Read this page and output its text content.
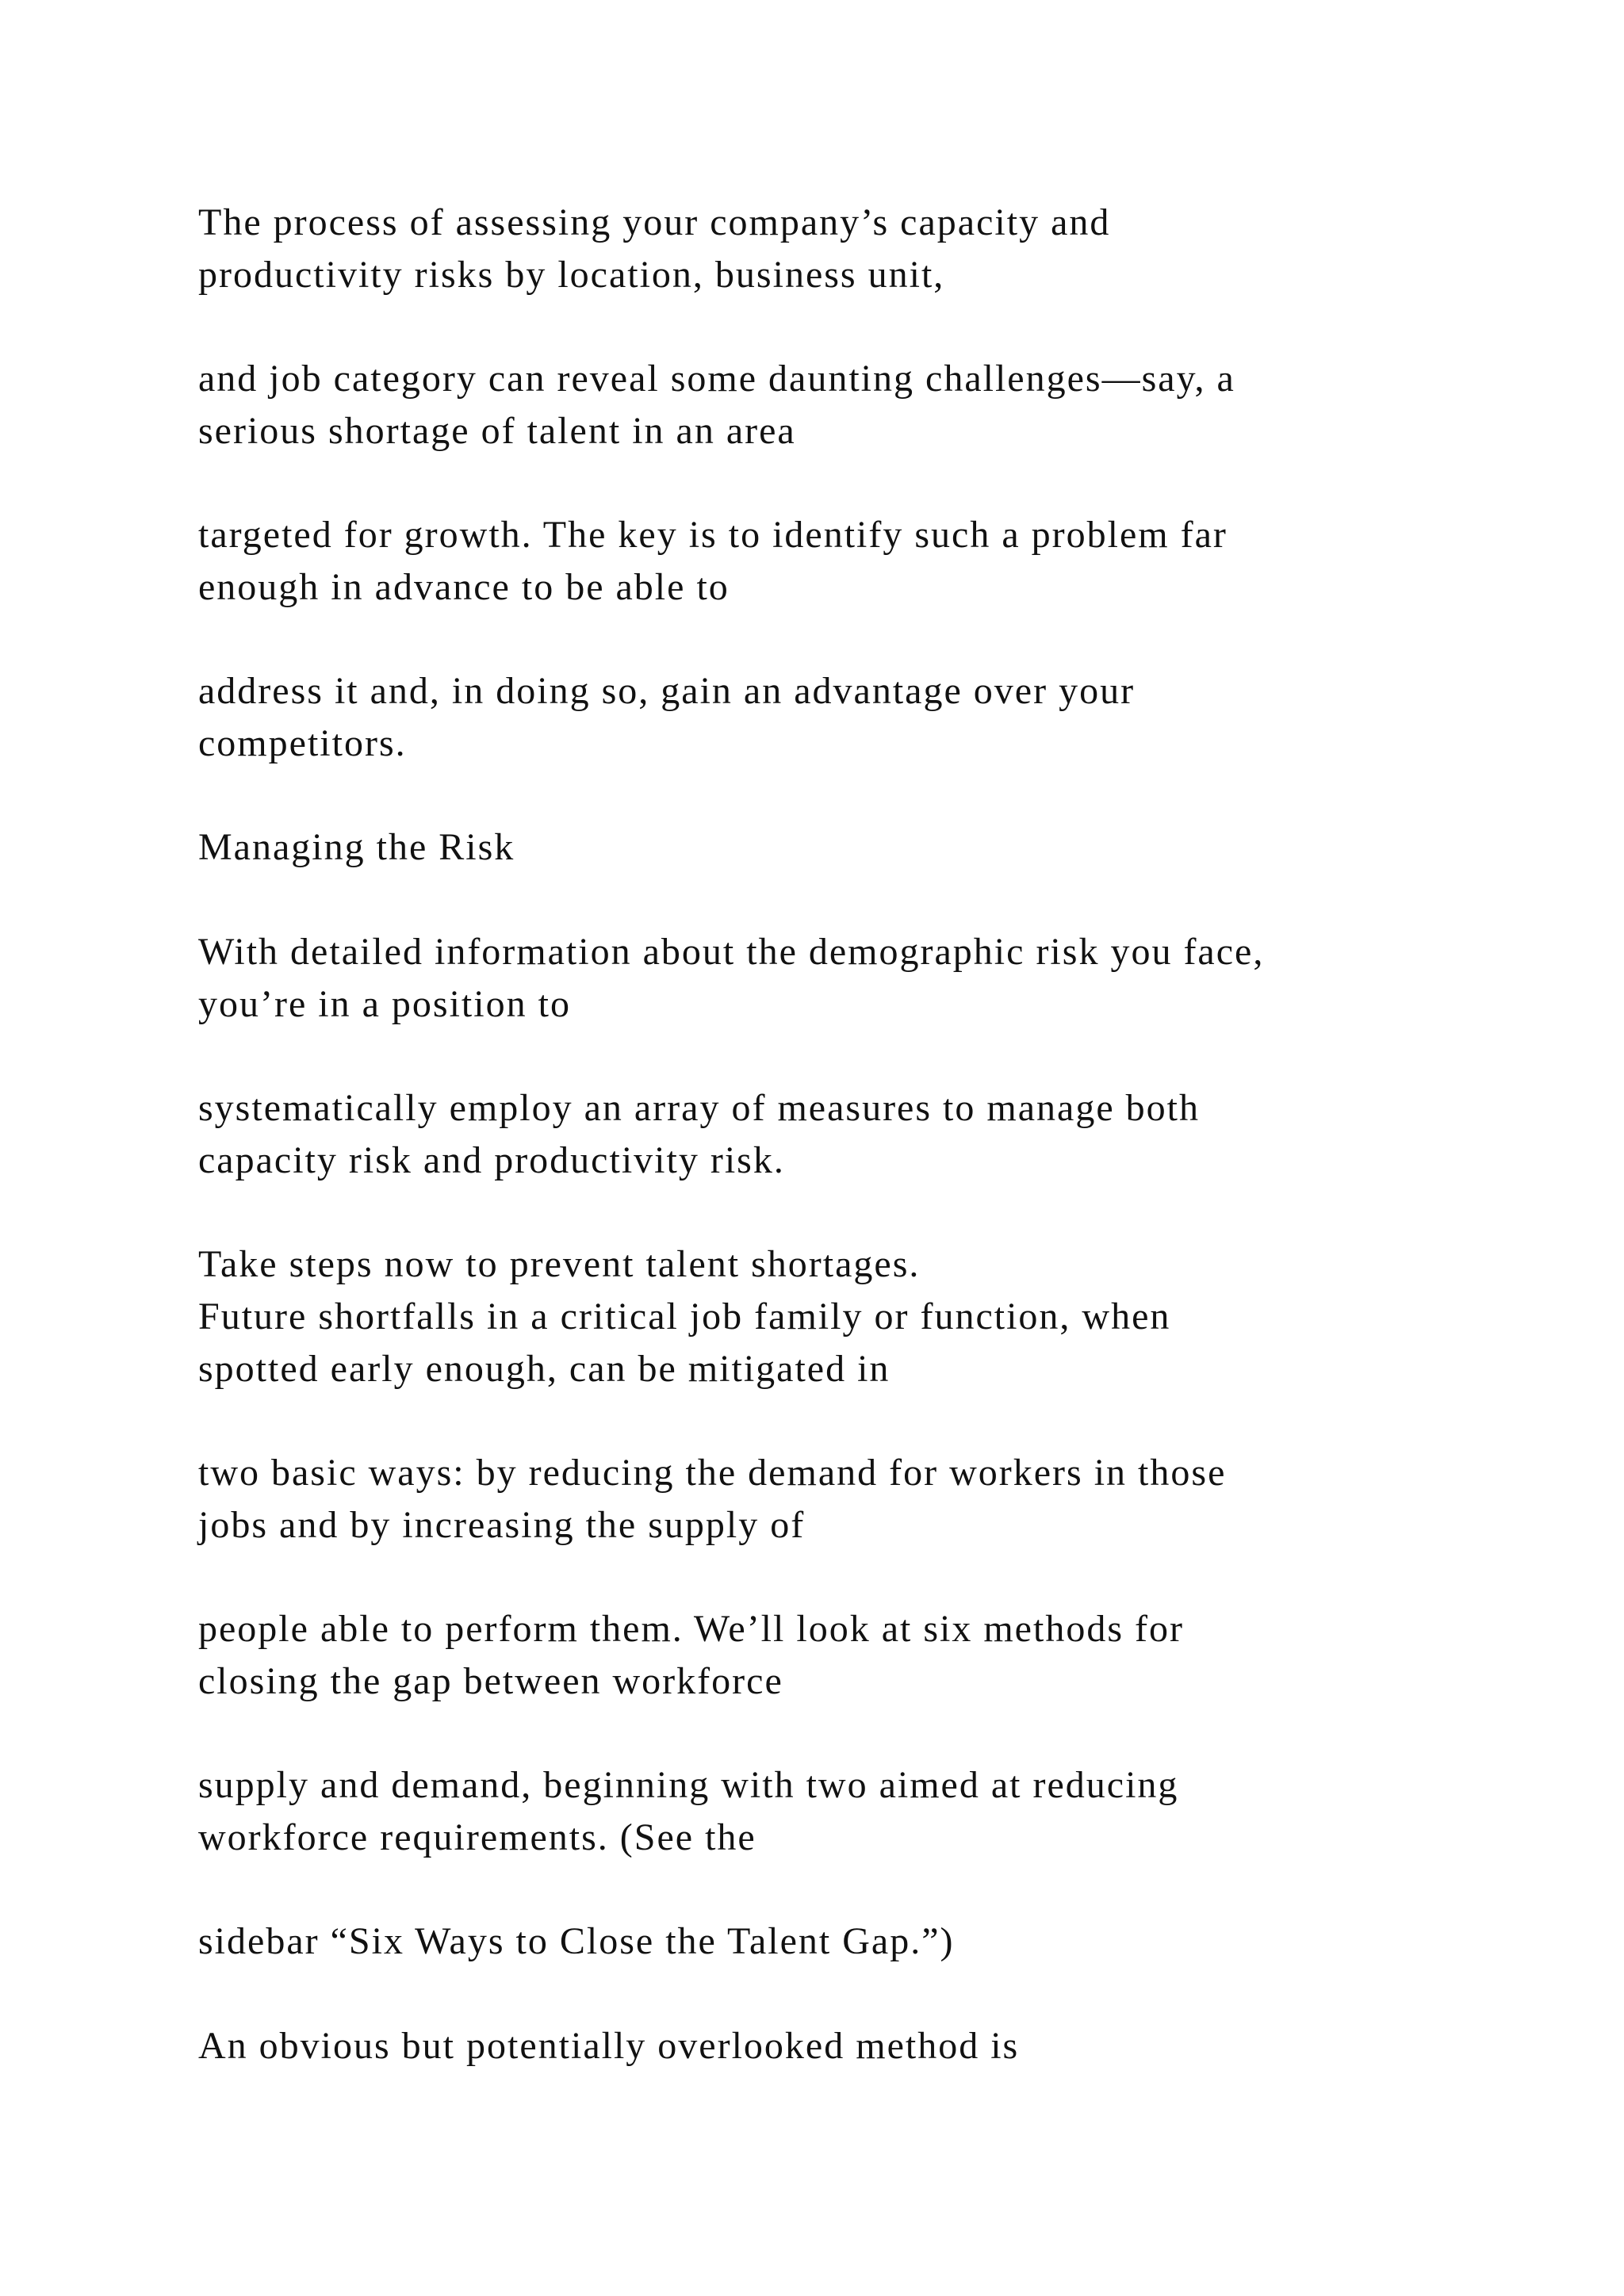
The process of assessing your company’s capacity and
productivity risks by location, business unit,
and job category can reveal some daunting challenges—say, a
serious shortage of talent in an area
targeted for growth. The key is to identify such a problem far
enough in advance to be able to
address it and, in doing so, gain an advantage over your
competitors.
Managing the Risk
With detailed information about the demographic risk you face,
you’re in a position to
systematically employ an array of measures to manage both
capacity risk and productivity risk.
Take steps now to prevent talent shortages.
Future shortfalls in a critical job family or function, when
spotted early enough, can be mitigated in
two basic ways: by reducing the demand for workers in those
jobs and by increasing the supply of
people able to perform them. We’ll look at six methods for
closing the gap between workforce
supply and demand, beginning with two aimed at reducing
workforce requirements. (See the
sidebar “Six Ways to Close the Talent Gap.”)
An obvious but potentially overlooked method is
